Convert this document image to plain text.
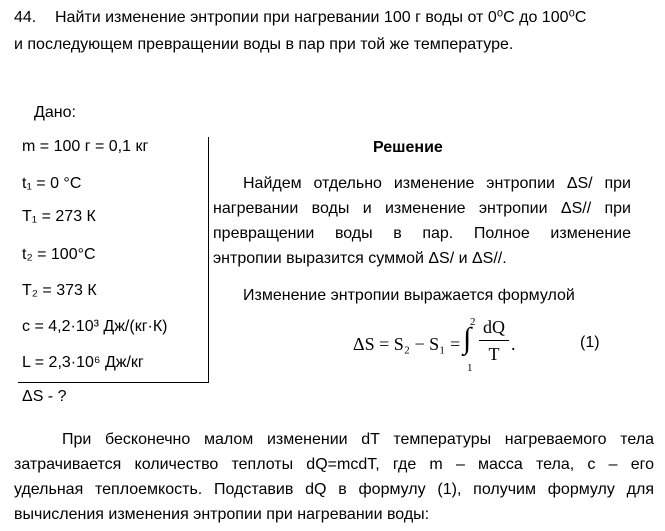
44. Найти изменение энтропии при нагревании 100 г воды от 0⁰С до 100⁰С
и последующем превращении воды в пар при той же температуре.
Дано:
m = 100 г = 0,1 кг
t₁ = 0 °С
T₁ = 273 К
t₂ = 100°С
T₂ = 373 К
c = 4,2·10³ Дж/(кг·К)
L = 2,3·10⁶ Дж/кг
ΔS - ?
Решение
Найдем отдельно изменение энтропии ΔS/ при
нагревании воды и изменение энтропии ΔS// при
превращении воды в пар. Полное изменение
энтропии выразится суммой ΔS/ и ΔS//.
Изменение энтропии выражается формулой
ΔS = S₂ − S₁ =
2
∫
1
dQ
T .	(1)
При бесконечно малом изменении dT температуры нагреваемого тела
затрачивается количество теплоты dQ=mcdT, где m – масса тела, c – его
удельная теплоемкость. Подставив dQ в формулу (1), получим формулу для
вычисления изменения энтропии при нагревании воды:
